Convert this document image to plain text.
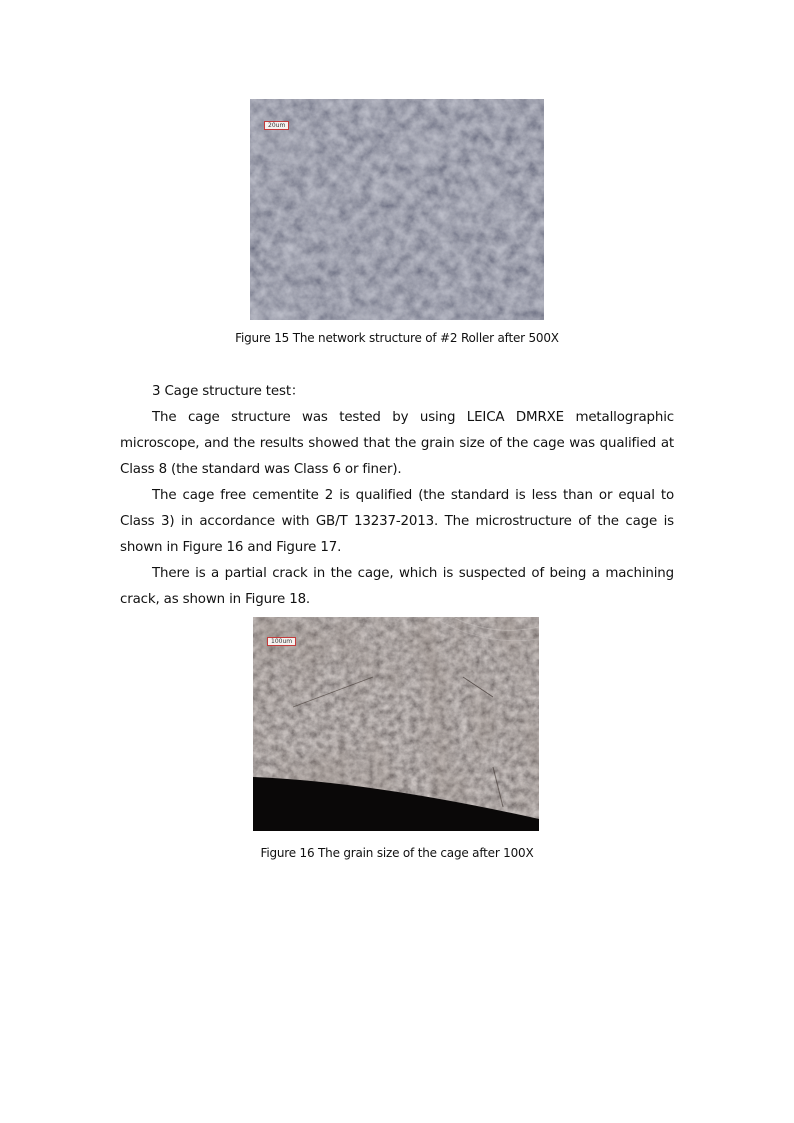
20um
Figure 15 The network structure of #2 Roller after 500X

3 Cage structure test：

The cage structure was tested by using LEICA DMRXE metallographic microscope, and the results showed that the grain size of the cage was qualified at Class 8 (the standard was Class 6 or finer).

The cage free cementite 2 is qualified (the standard is less than or equal to Class 3) in accordance with GB/T 13237-2013. The microstructure of the cage is shown in Figure 16 and Figure 17.

There is a partial crack in the cage, which is suspected of being a machining crack, as shown in Figure 18.

100um
Figure 16 The grain size of the cage after 100X
